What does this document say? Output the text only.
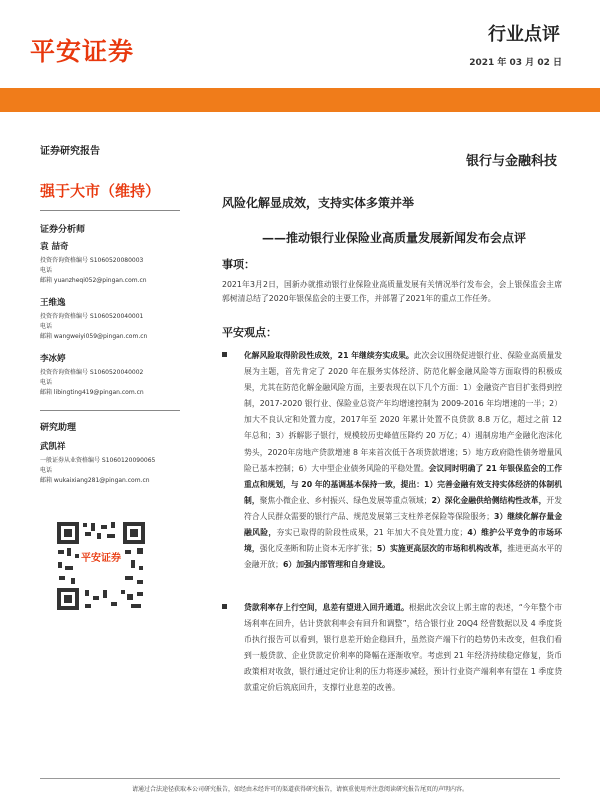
平安证券
行业点评
2021 年 03 月 02 日
证券研究报告
强于大市（维持）
证券分析师
袁 喆奇
投资咨询资格编号 S1060520080003
电话
邮箱 yuanzheqi052@pingan.com.cn
王维逸
投资咨询资格编号 S1060520040001
电话
邮箱 wangweiyi059@pingan.com.cn
李冰婷
投资咨询资格编号 S1060520040002
电话
邮箱 libingting419@pingan.com.cn
研究助理
武凯祥
一般证券从业资格编号 S1060120090065
电话
邮箱 wukaixiang281@pingan.com.cn
平安证券
银行与金融科技
风险化解显成效，支持实体多策并举
——推动银行业保险业高质量发展新闻发布会点评
事项：
2021年3月2日，国新办就推动银行业保险业高质量发展有关情况举行发布会，会上银保监会主席郭树清总结了2020年银保监会的主要工作，并部署了2021年的重点工作任务。
平安观点：
化解风险取得阶段性成效，21 年继续夯实成果。此次会议围绕促进银行业、保险业高质量发展为主题，首先肯定了 2020 年在服务实体经济、防范化解金融风险等方面取得的积极成果，尤其在防范化解金融风险方面，主要表现在以下几个方面：1）金融资产盲目扩张得到控制，2017-2020 银行业、保险业总资产年均增速控制为 2009-2016 年均增速的一半；2）加大不良认定和处置力度，2017年至 2020 年累计处置不良贷款 8.8 万亿，超过之前 12 年总和；3）拆解影子银行，规模较历史峰值压降约 20 万亿；4）遏制房地产金融化泡沫化势头，2020年房地产贷款增速 8 年来首次低于各项贷款增速；5）地方政府隐性债务增量风险已基本控制；6）大中型企业债务风险的平稳处置。会议同时明确了 21 年银保监会的工作重点和规划，与 20 年的基调基本保持一致，提出：1）完善金融有效支持实体经济的体制机制，聚焦小微企业、乡村振兴、绿色发展等重点领域；2）深化金融供给侧结构性改革，开发符合人民群众需要的银行产品、规范发展第三支柱养老保险等保险服务；3）继续化解存量金融风险，夯实已取得的阶段性成果，21 年加大不良处置力度；4）维护公平竞争的市场环境，强化反垄断和防止资本无序扩张；5）实施更高层次的市场和机构改革，推进更高水平的金融开放；6）加强内部管理和自身建设。
贷款利率存上行空间，息差有望进入回升通道。根据此次会议上郭主席的表述，“今年整个市场利率在回升，估计贷款利率会有回升和调整”，结合银行业 20Q4 经营数据以及 4 季度货币执行报告可以看到，银行息差开始企稳回升，虽然资产端下行的趋势仍未改变，但我们看到一般贷款、企业贷款定价利率的降幅在逐渐收窄。考虑到 21 年经济持续稳定修复，货币政策相对收敛，银行通过定价让利的压力将逐步减轻，预计行业资产端利率有望在 1 季度贷款重定价后筑底回升，支撑行业息差的改善。
请通过合法途径获取本公司研究报告，如经由未经许可的渠道获得研究报告，请慎重使用并注意阅读研究报告尾页的声明内容。
